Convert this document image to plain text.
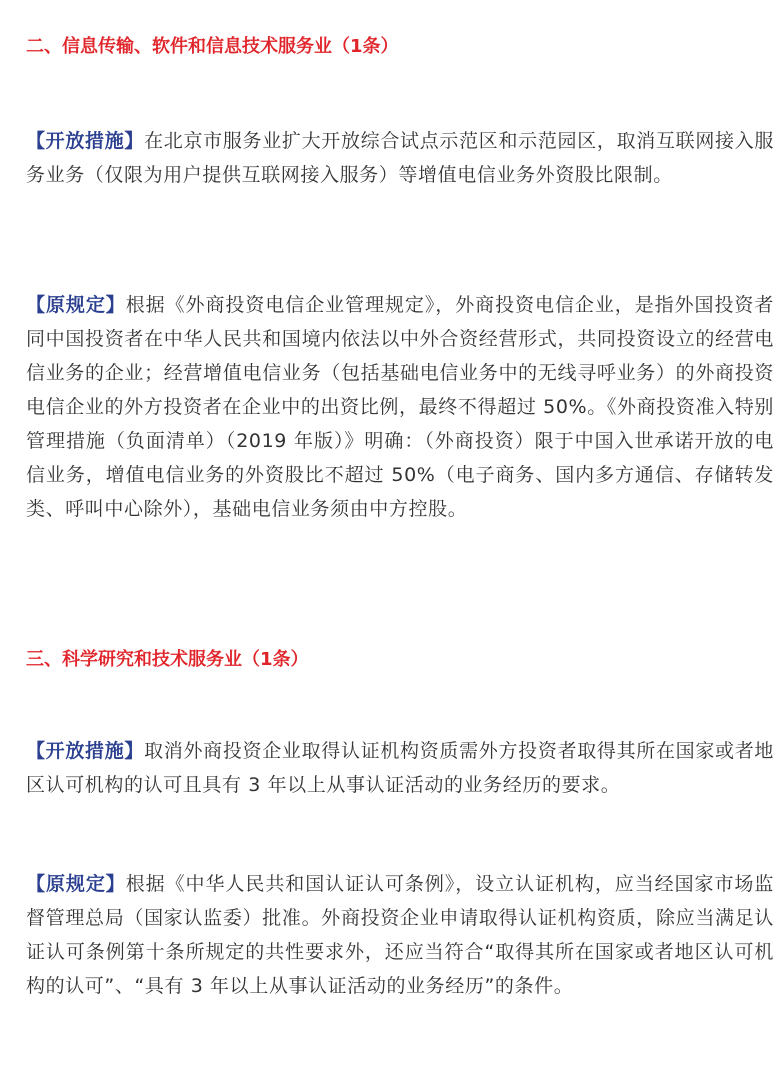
二、信息传输、软件和信息技术服务业（1条）
【开放措施】在北京市服务业扩大开放综合试点示范区和示范园区，取消互联网接入服务业务（仅限为用户提供互联网接入服务）等增值电信业务外资股比限制。
【原规定】根据《外商投资电信企业管理规定》，外商投资电信企业，是指外国投资者同中国投资者在中华人民共和国境内依法以中外合资经营形式，共同投资设立的经营电信业务的企业；经营增值电信业务（包括基础电信业务中的无线寻呼业务）的外商投资电信企业的外方投资者在企业中的出资比例，最终不得超过 50%。《外商投资准入特别管理措施（负面清单）（2019 年版）》明确：（外商投资）限于中国入世承诺开放的电信业务，增值电信业务的外资股比不超过 50%（电子商务、国内多方通信、存储转发类、呼叫中心除外），基础电信业务须由中方控股。
三、科学研究和技术服务业（1条）
【开放措施】取消外商投资企业取得认证机构资质需外方投资者取得其所在国家或者地区认可机构的认可且具有 3 年以上从事认证活动的业务经历的要求。
【原规定】根据《中华人民共和国认证认可条例》，设立认证机构，应当经国家市场监督管理总局（国家认监委）批准。外商投资企业申请取得认证机构资质，除应当满足认证认可条例第十条所规定的共性要求外，还应当符合“取得其所在国家或者地区认可机构的认可”、“具有 3 年以上从事认证活动的业务经历”的条件。
